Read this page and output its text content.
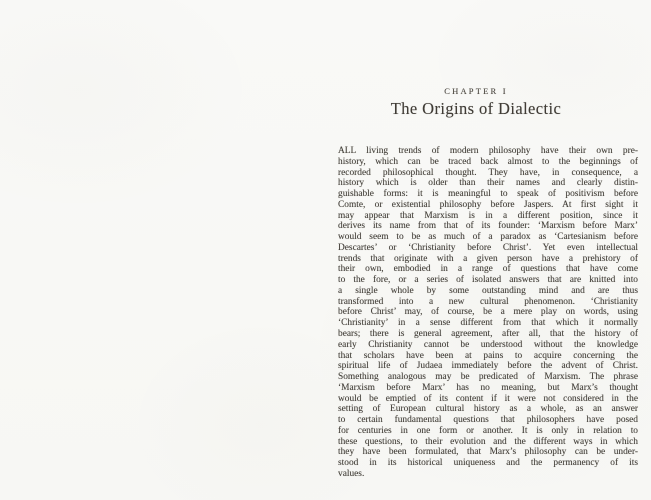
CHAPTER I
The Origins of Dialectic
ALL living trends of modern philosophy have their own pre-
history, which can be traced back almost to the beginnings of
recorded philosophical thought. They have, in consequence, a
history which is older than their names and clearly distin-
guishable forms: it is meaningful to speak of positivism before
Comte, or existential philosophy before Jaspers. At first sight it
may appear that Marxism is in a different position, since it
derives its name from that of its founder: ‘Marxism before Marx’
would seem to be as much of a paradox as ‘Cartesianism before
Descartes’ or ‘Christianity before Christ’. Yet even intellectual
trends that originate with a given person have a prehistory of
their own, embodied in a range of questions that have come
to the fore, or a series of isolated answers that are knitted into
a single whole by some outstanding mind and are thus
transformed into a new cultural phenomenon. ‘Christianity
before Christ’ may, of course, be a mere play on words, using
‘Christianity’ in a sense different from that which it normally
bears; there is general agreement, after all, that the history of
early Christianity cannot be understood without the knowledge
that scholars have been at pains to acquire concerning the
spiritual life of Judaea immediately before the advent of Christ.
Something analogous may be predicated of Marxism. The phrase
‘Marxism before Marx’ has no meaning, but Marx’s thought
would be emptied of its content if it were not considered in the
setting of European cultural history as a whole, as an answer
to certain fundamental questions that philosophers have posed
for centuries in one form or another. It is only in relation to
these questions, to their evolution and the different ways in which
they have been formulated, that Marx’s philosophy can be under-
stood in its historical uniqueness and the permanency of its
values.
